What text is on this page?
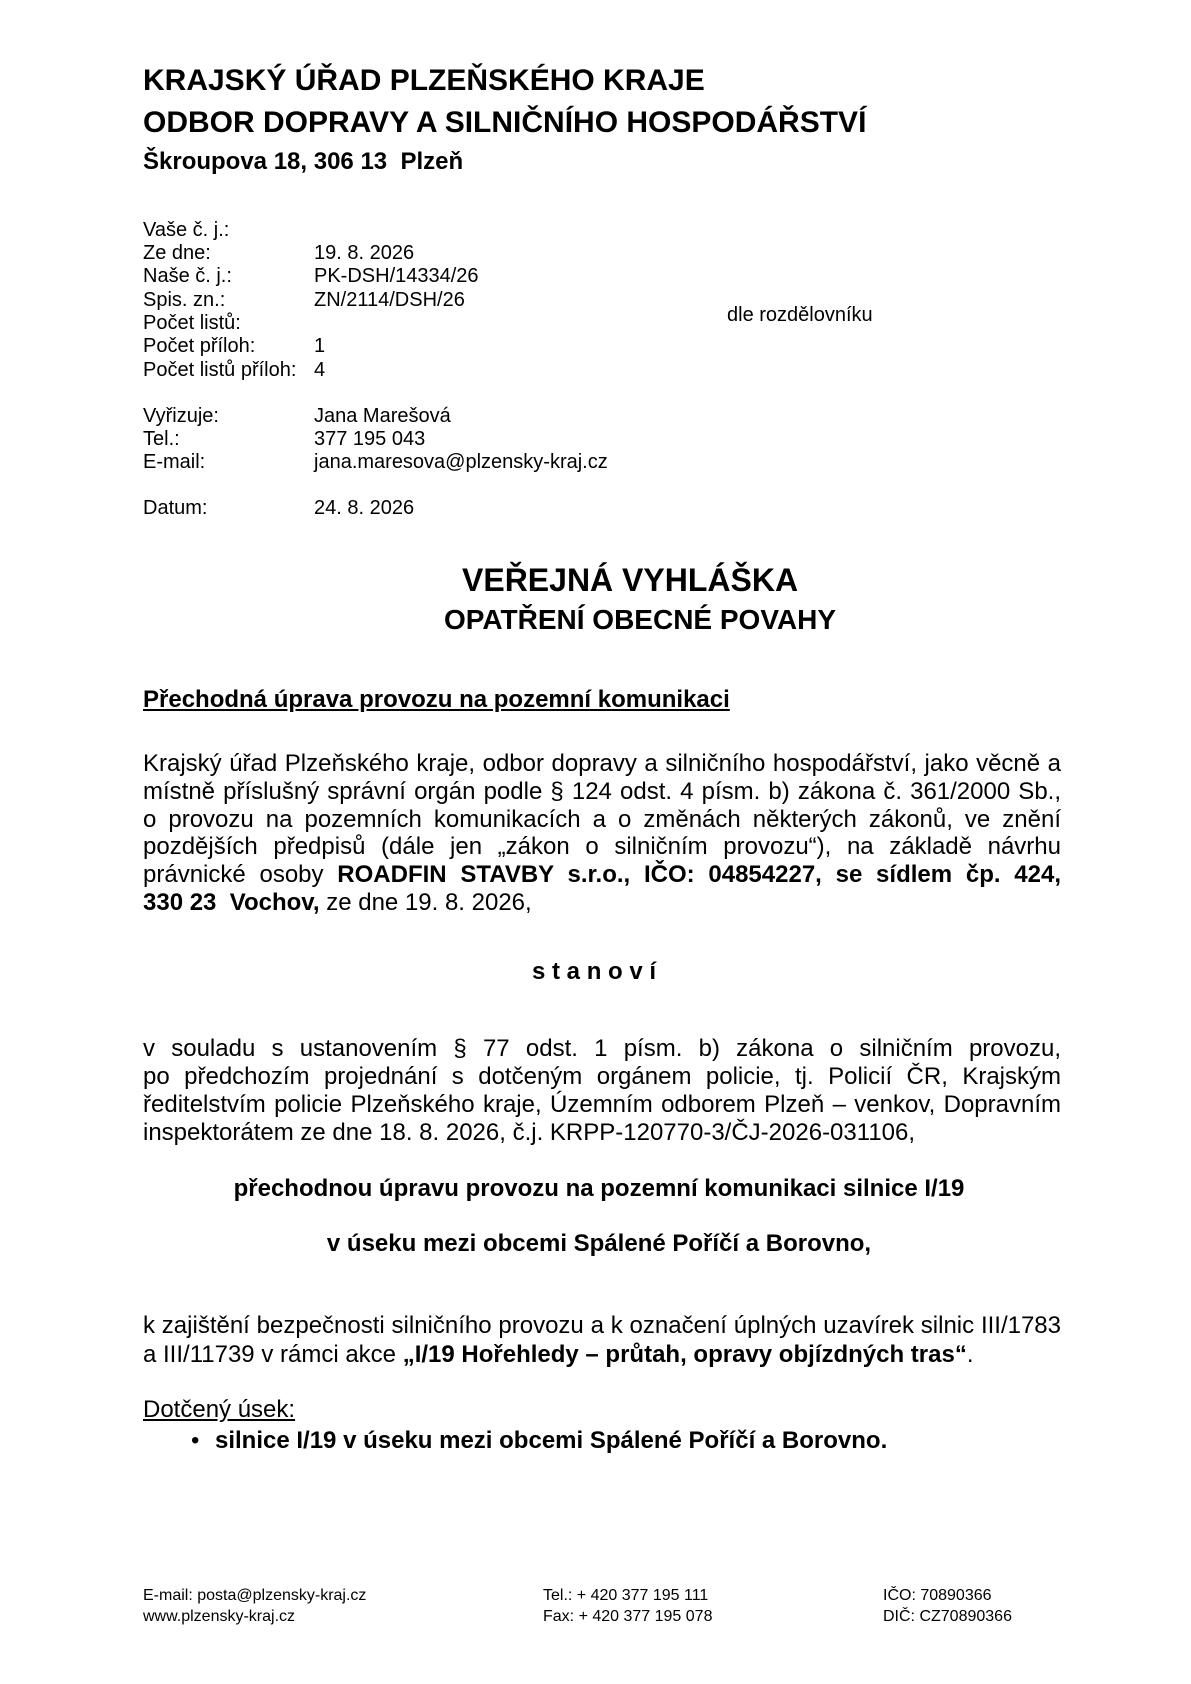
KRAJSKÝ ÚŘAD PLZEŇSKÉHO KRAJE
ODBOR DOPRAVY A SILNIČNÍHO HOSPODÁŘSTVÍ
Škroupova 18, 306 13  Plzeň
Vaše č. j.:
Ze dne:	19. 8. 2026
Naše č. j.:	PK-DSH/14334/26
Spis. zn.:	ZN/2114/DSH/26
Počet listů:
Počet příloh:	1
Počet listů příloh: 4
dle rozdělovníku
Vyřizuje:	Jana Marešová
Tel.:	377 195 043
E-mail:	jana.maresova@plzensky-kraj.cz
Datum:	24. 8. 2026
VEŘEJNÁ VYHLÁŠKA
OPATŘENÍ OBECNÉ POVAHY
Přechodná úprava provozu na pozemní komunikaci
Krajský úřad Plzeňského kraje, odbor dopravy a silničního hospodářství, jako věcně a
místně příslušný správní orgán podle § 124 odst. 4 písm. b) zákona č. 361/2000 Sb.,
o provozu na pozemních komunikacích a o změnách některých zákonů, ve znění
pozdějších předpisů (dále jen „zákon o silničním provozu“), na základě návrhu
právnické osoby ROADFIN STAVBY s.r.o., IČO: 04854227, se sídlem čp. 424,
330 23  Vochov, ze dne 19. 8. 2026,
s t a n o v í
v souladu s ustanovením § 77 odst. 1 písm. b) zákona o silničním provozu,
po předchozím projednání s dotčeným orgánem policie, tj. Policií ČR, Krajským
ředitelstvím policie Plzeňského kraje, Územním odborem Plzeň – venkov, Dopravním
inspektorátem ze dne 18. 8. 2026, č.j. KRPP-120770-3/ČJ-2026-031106,
přechodnou úpravu provozu na pozemní komunikaci silnice I/19
v úseku mezi obcemi Spálené Poříčí a Borovno,
k zajištění bezpečnosti silničního provozu a k označení úplných uzavírek silnic III/1783
a III/11739 v rámci akce „I/19 Hořehledy – průtah, opravy objízdných tras“.
Dotčený úsek:
• silnice I/19 v úseku mezi obcemi Spálené Poříčí a Borovno.
E-mail: posta@plzensky-kraj.cz
www.plzensky-kraj.cz
Tel.: + 420 377 195 111
Fax: + 420 377 195 078
IČO: 70890366
DIČ: CZ70890366
